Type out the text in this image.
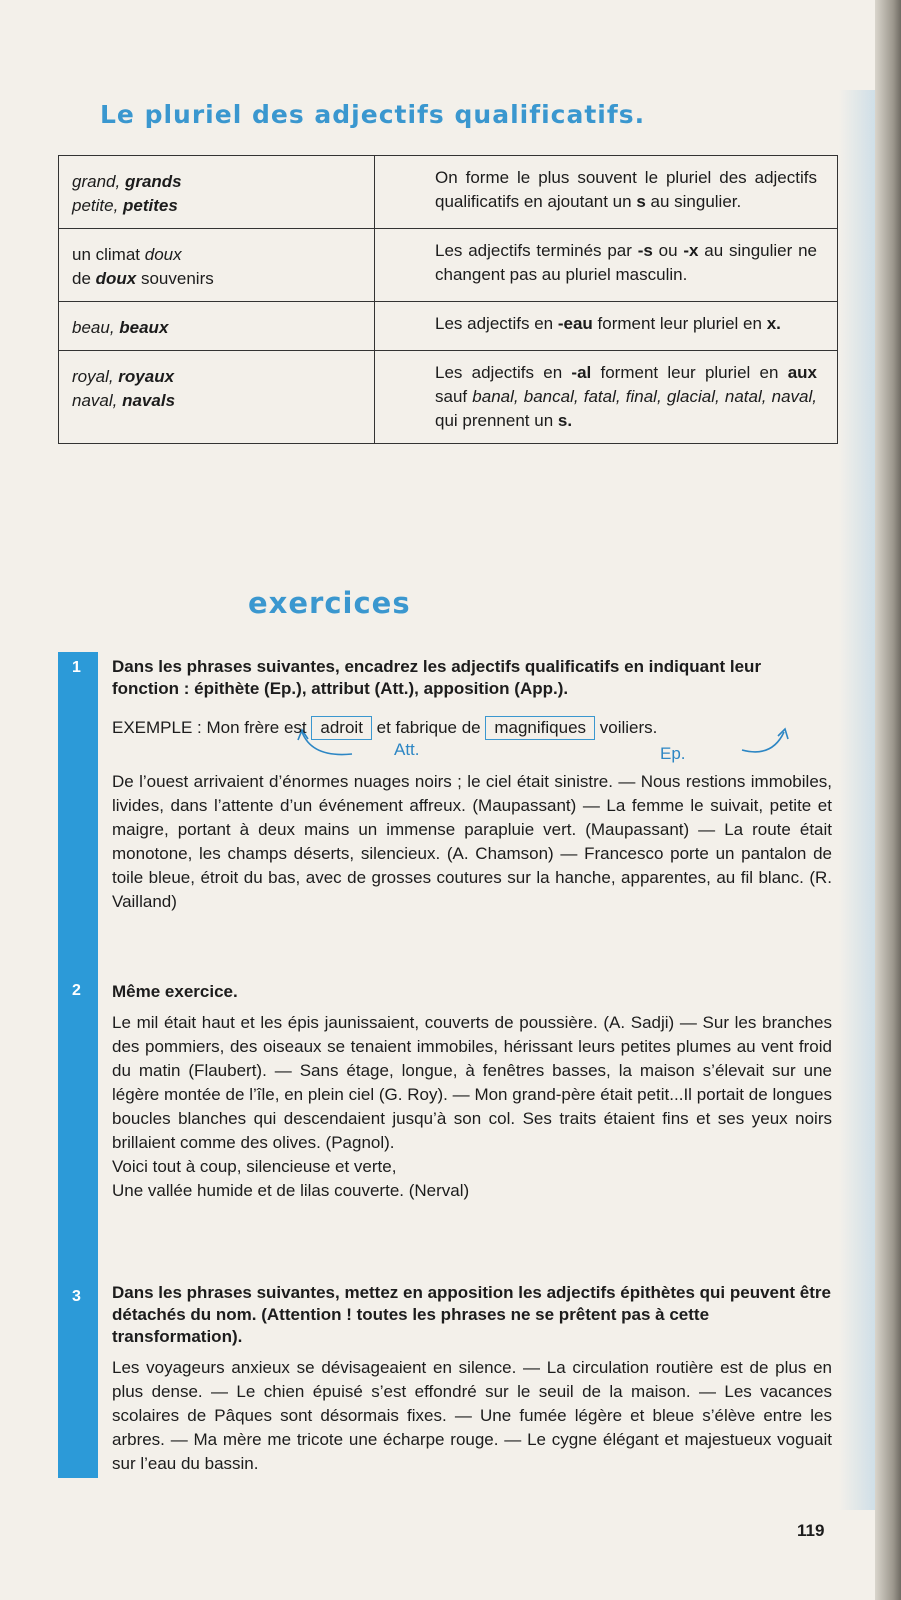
Le pluriel des adjectifs qualificatifs.
grand, grands
petite, petites	On forme le plus souvent le pluriel des adjectifs qualificatifs en ajoutant un s au singulier.

un climat doux
de doux souvenirs	Les adjectifs terminés par -s ou -x au singulier ne changent pas au pluriel masculin.

beau, beaux	Les adjectifs en -eau forment leur pluriel en x.

royal, royaux
naval, navals	Les adjectifs en -al forment leur pluriel en aux sauf banal, bancal, fatal, final, glacial, natal, naval, qui prennent un s.
exercices
1
2
3
Dans les phrases suivantes, encadrez les adjectifs qualificatifs en indiquant leur fonction : épithète (Ep.), attribut (Att.), apposition (App.).
EXEMPLE : Mon frère est adroit et fabrique de magnifiques voiliers.
Att.	Ep.
De l’ouest arrivaient d’énormes nuages noirs ; le ciel était sinistre. — Nous restions immobiles, livides, dans l’attente d’un événement affreux. (Maupassant) — La femme le suivait, petite et maigre, portant à deux mains un immense parapluie vert. (Maupassant) — La route était monotone, les champs déserts, silencieux. (A. Chamson) — Francesco porte un pantalon de toile bleue, étroit du bas, avec de grosses coutures sur la hanche, apparentes, au fil blanc. (R. Vailland)
Même exercice.
Le mil était haut et les épis jaunissaient, couverts de poussière. (A. Sadji) — Sur les branches des pommiers, des oiseaux se tenaient immobiles, hérissant leurs petites plumes au vent froid du matin (Flaubert). — Sans étage, longue, à fenêtres basses, la maison s’élevait sur une légère montée de l’île, en plein ciel (G. Roy). — Mon grand-père était petit...Il portait de longues boucles blanches qui descendaient jusqu’à son col. Ses traits étaient fins et ses yeux noirs brillaient comme des olives. (Pagnol).
Voici tout à coup, silencieuse et verte,
Une vallée humide et de lilas couverte. (Nerval)
Dans les phrases suivantes, mettez en apposition les adjectifs épithètes qui peuvent être détachés du nom. (Attention ! toutes les phrases ne se prêtent pas à cette transformation).
Les voyageurs anxieux se dévisageaient en silence. — La circulation routière est de plus en plus dense. — Le chien épuisé s’est effondré sur le seuil de la maison. — Les vacances scolaires de Pâques sont désormais fixes. — Une fumée légère et bleue s’élève entre les arbres. — Ma mère me tricote une écharpe rouge. — Le cygne élégant et majestueux voguait sur l’eau du bassin.
119
